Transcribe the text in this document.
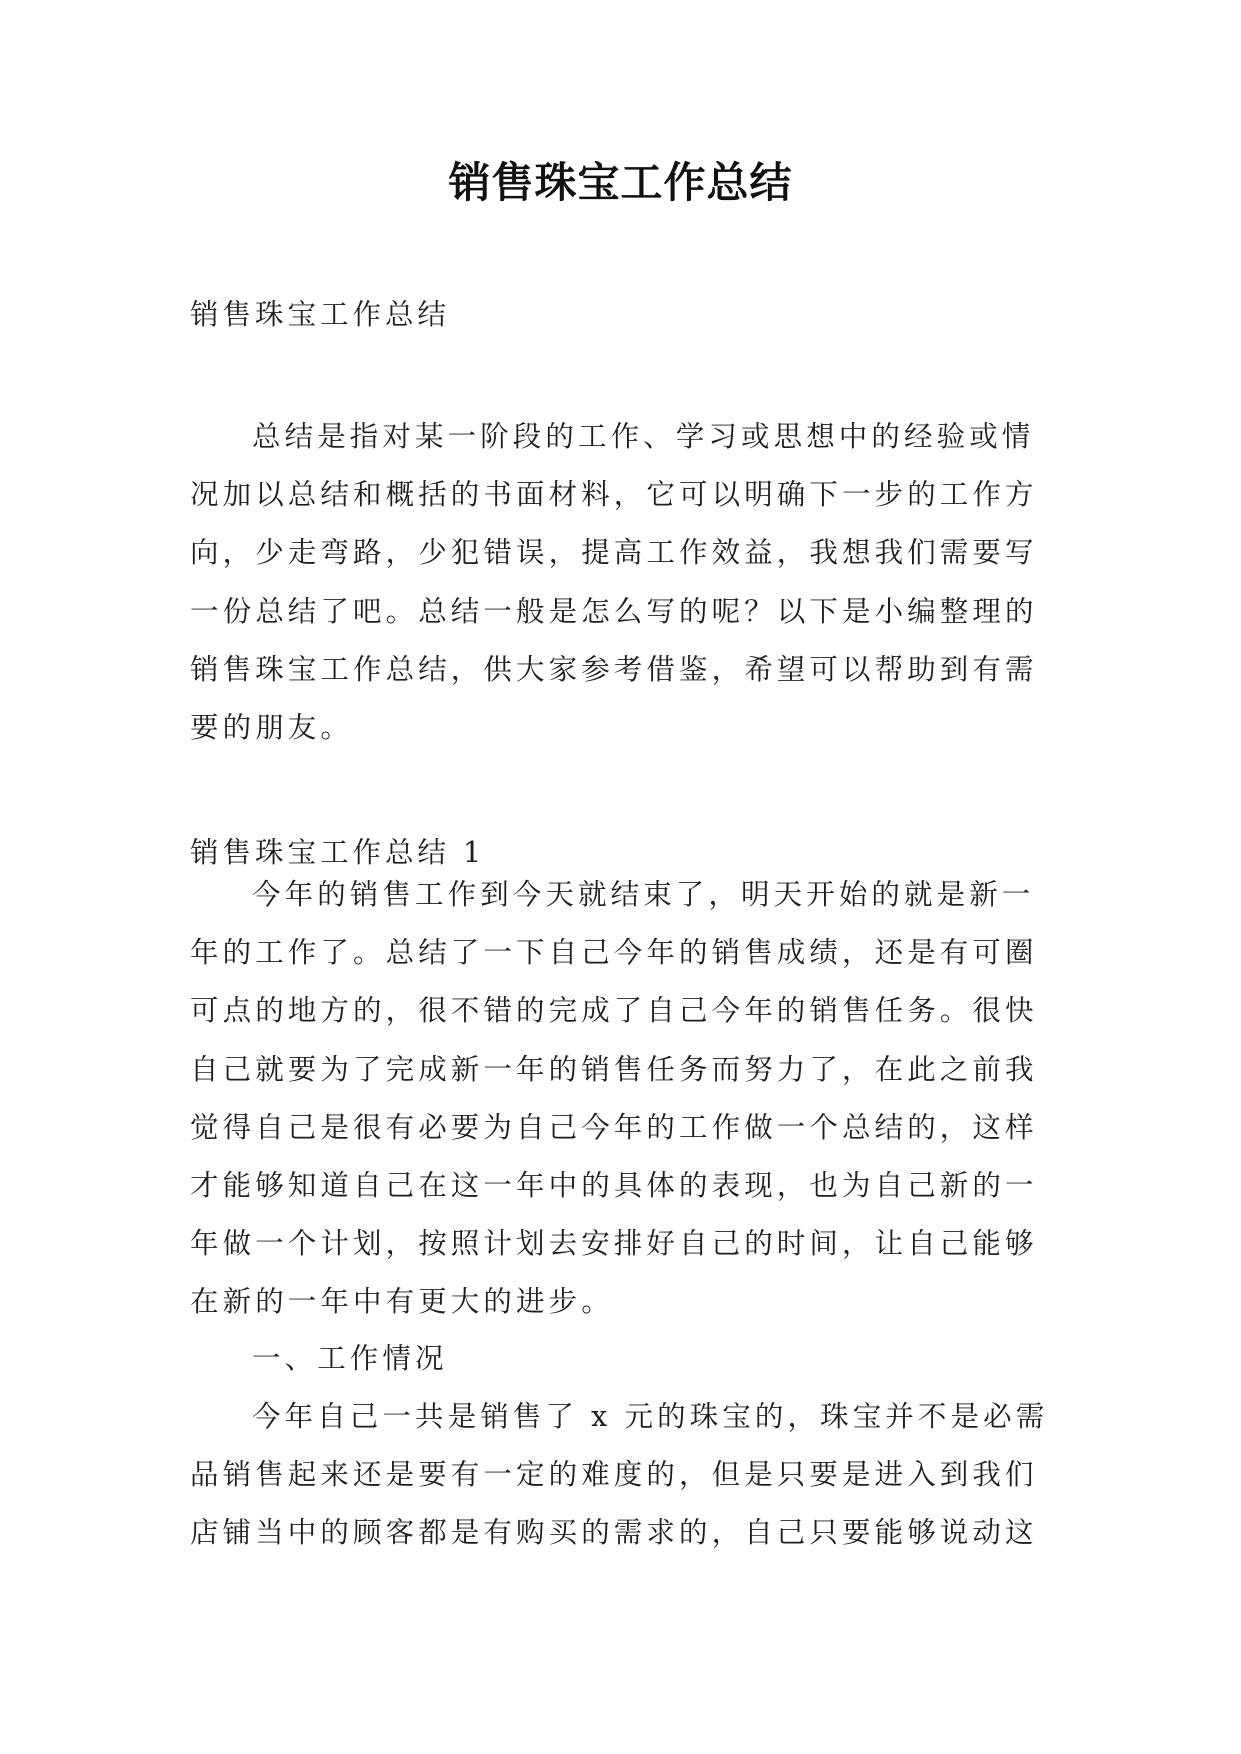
销售珠宝工作总结
销售珠宝工作总结

总结是指对某一阶段的工作、学习或思想中的经验或情况加以总结和概括的书面材料，它可以明确下一步的工作方向，少走弯路，少犯错误，提高工作效益，我想我们需要写一份总结了吧。总结一般是怎么写的呢？以下是小编整理的销售珠宝工作总结，供大家参考借鉴，希望可以帮助到有需要的朋友。

销售珠宝工作总结 1

今年的销售工作到今天就结束了，明天开始的就是新一年的工作了。总结了一下自己今年的销售成绩，还是有可圈可点的地方的，很不错的完成了自己今年的销售任务。很快自己就要为了完成新一年的销售任务而努力了，在此之前我觉得自己是很有必要为自己今年的工作做一个总结的，这样才能够知道自己在这一年中的具体的表现，也为自己新的一年做一个计划，按照计划去安排好自己的时间，让自己能够在新的一年中有更大的进步。

一、工作情况

今年自己一共是销售了 x 元的珠宝的，珠宝并不是必需品销售起来还是要有一定的难度的，但是只要是进入到我们店铺当中的顾客都是有购买的需求的，自己只要能够说动这
